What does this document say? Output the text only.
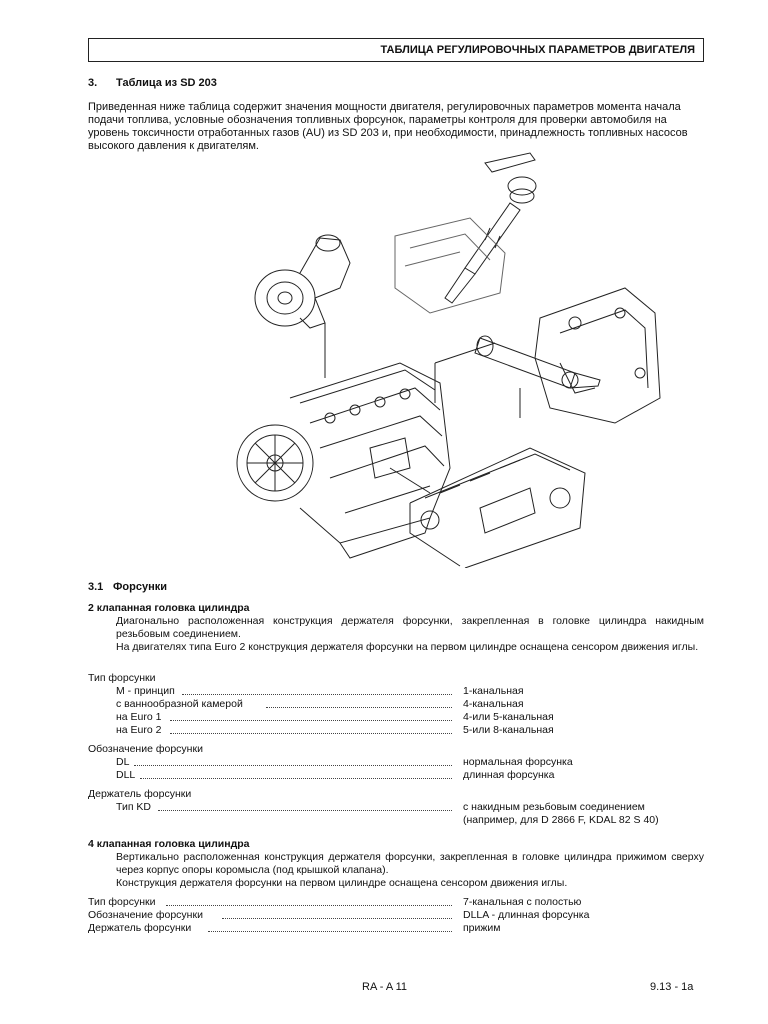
ТАБЛИЦА РЕГУЛИРОВОЧНЫХ ПАРАМЕТРОВ ДВИГАТЕЛЯ
3. Таблица из SD 203
Приведенная ниже таблица содержит значения мощности двигателя, регулировочных параметров момента начала подачи топлива, условные обозначения топливных форсунок, параметры контроля для проверки автомобиля на уровень токсичности отработанных газов (AU) из SD 203 и, при необходимости, принадлежность топливных насосов высокого давления к двигателям.
3.1 Форсунки
2 клапанная головка цилиндра
Диагонально расположенная конструкция держателя форсунки, закрепленная в головке цилиндра накидным резьбовым соединением.
На двигателях типа Euro 2 конструкция держателя форсунки на первом цилиндре оснащена сенсором движения иглы.
Тип форсунки
M - принцип	1-канальная
с ваннообразной камерой	4-канальная
на Euro 1	4-или 5-канальная
на Euro 2	5-или 8-канальная
Обозначение форсунки
DL	нормальная форсунка
DLL	длинная форсунка
Держатель форсунки
Тип KD	с накидным резьбовым соединением
(например, для D 2866 F, KDAL 82 S 40)
4 клапанная головка цилиндра
Вертикально расположенная конструкция держателя форсунки, закрепленная в головке цилиндра прижимом сверху через корпус опоры коромысла (под крышкой клапана).
Конструкция держателя форсунки на первом цилиндре оснащена сенсором движения иглы.
Тип форсунки	7-канальная с полостью
Обозначение форсунки	DLLA - длинная форсунка
Держатель форсунки	прижим
RA - A 11	9.13 - 1a
